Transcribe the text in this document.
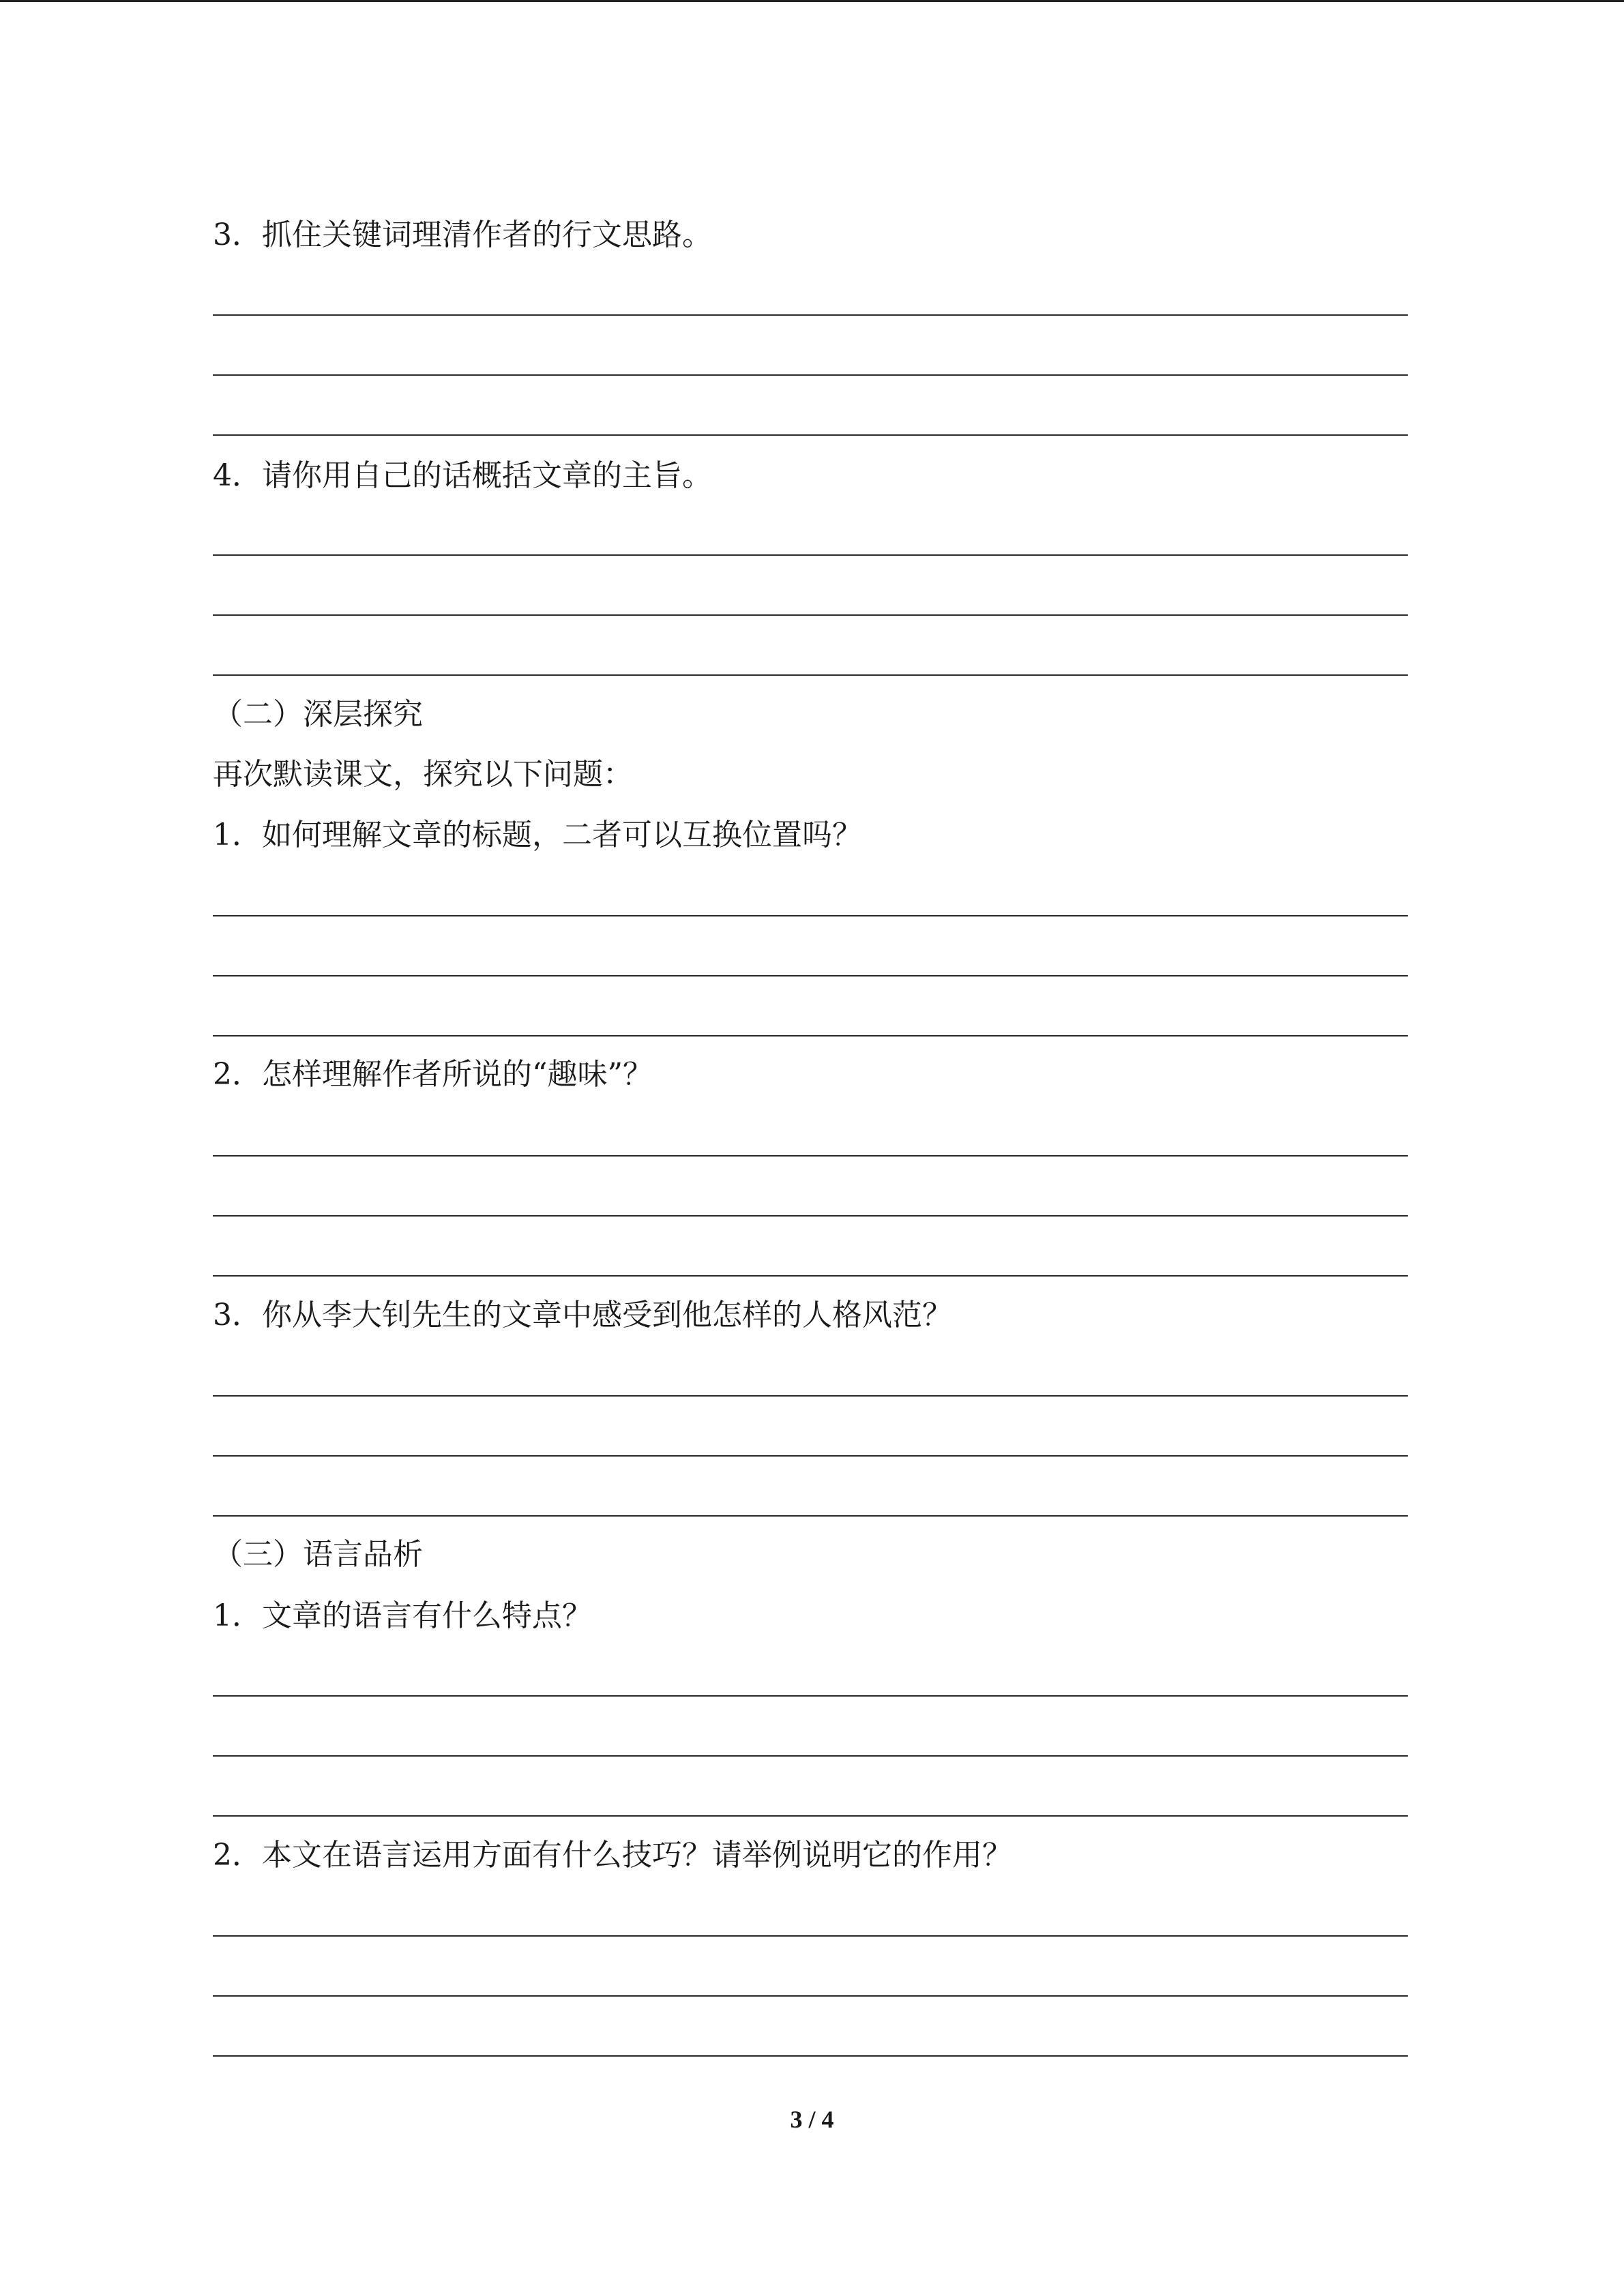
3．抓住关键词理清作者的行文思路。
4．请你用自己的话概括文章的主旨。
（二）深层探究
再次默读课文，探究以下问题：
1．如何理解文章的标题，二者可以互换位置吗？
2．怎样理解作者所说的“趣味”？
3．你从李大钊先生的文章中感受到他怎样的人格风范？
（三）语言品析
1．文章的语言有什么特点？
2．本文在语言运用方面有什么技巧？请举例说明它的作用？
3 / 4
